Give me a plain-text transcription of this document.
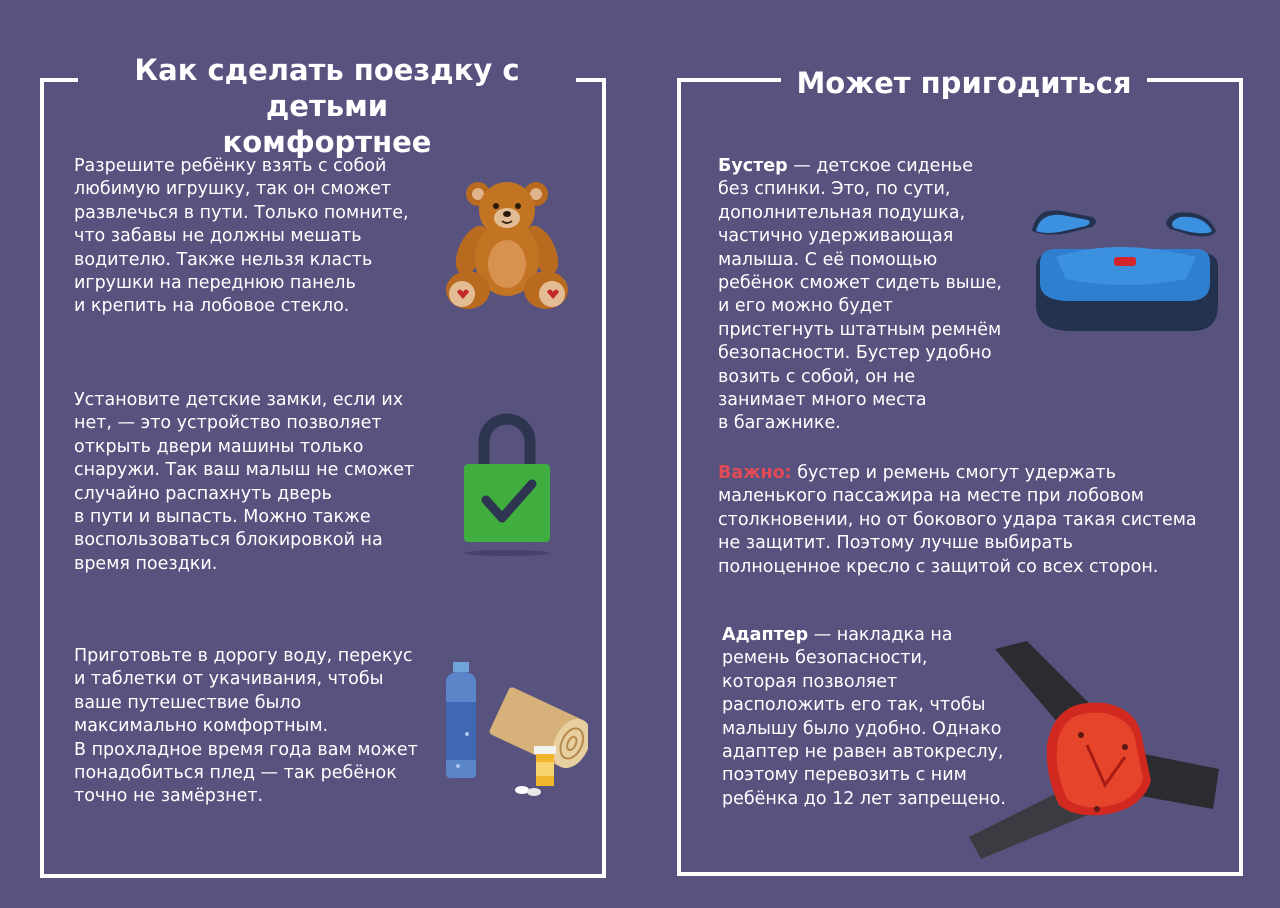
Как сделать поездку с детьми
комфортнее
Разрешите ребёнку взять с собой
любимую игрушку, так он сможет
развлечься в пути. Только помните,
что забавы не должны мешать
водителю. Также нельзя класть
игрушки на переднюю панель
и крепить на лобовое стекло.
Установите детские замки, если их
нет, — это устройство позволяет
открыть двери машины только
снаружи. Так ваш малыш не сможет
случайно распахнуть дверь
в пути и выпасть. Можно также
воспользоваться блокировкой на
время поездки.
Приготовьте в дорогу воду, перекус
и таблетки от укачивания, чтобы
ваше путешествие было
максимально комфортным.
В прохладное время года вам может
понадобиться плед — так ребёнок
точно не замёрзнет.
Может пригодиться
Бустер — детское сиденье
без спинки. Это, по сути,
дополнительная подушка,
частично удерживающая
малыша. С её помощью
ребёнок сможет сидеть выше,
и его можно будет
пристегнуть штатным ремнём
безопасности. Бустер удобно
возить с собой, он не
занимает много места
в багажнике.
Важно: бустер и ремень смогут удержать
маленького пассажира на месте при лобовом
столкновении, но от бокового удара такая система
не защитит. Поэтому лучше выбирать
полноценное кресло с защитой со всех сторон.
Адаптер — накладка на
ремень безопасности,
которая позволяет
расположить его так, чтобы
малышу было удобно. Однако
адаптер не равен автокреслу,
поэтому перевозить с ним
ребёнка до 12 лет запрещено.
